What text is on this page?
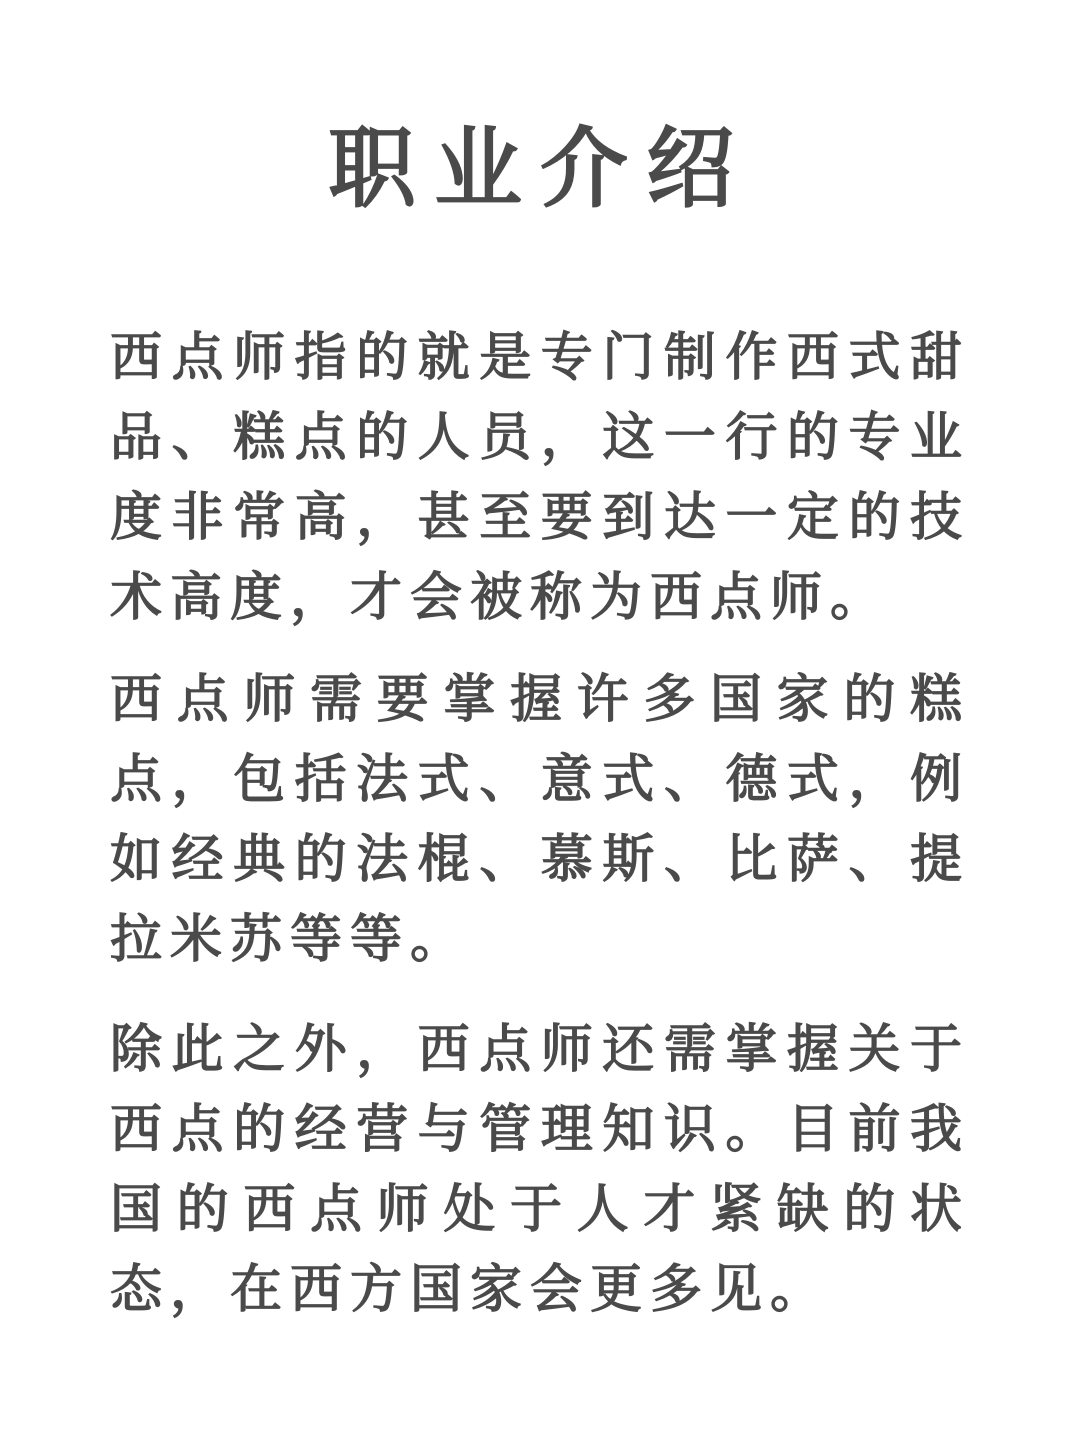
职业介绍

西点师指的就是专门制作西式甜品、糕点的人员，这一行的专业度非常高，甚至要到达一定的技术高度，才会被称为西点师。

西点师需要掌握许多国家的糕点，包括法式、意式、德式，例如经典的法棍、慕斯、比萨、提拉米苏等等。

除此之外，西点师还需掌握关于西点的经营与管理知识。目前我国的西点师处于人才紧缺的状态，在西方国家会更多见。
